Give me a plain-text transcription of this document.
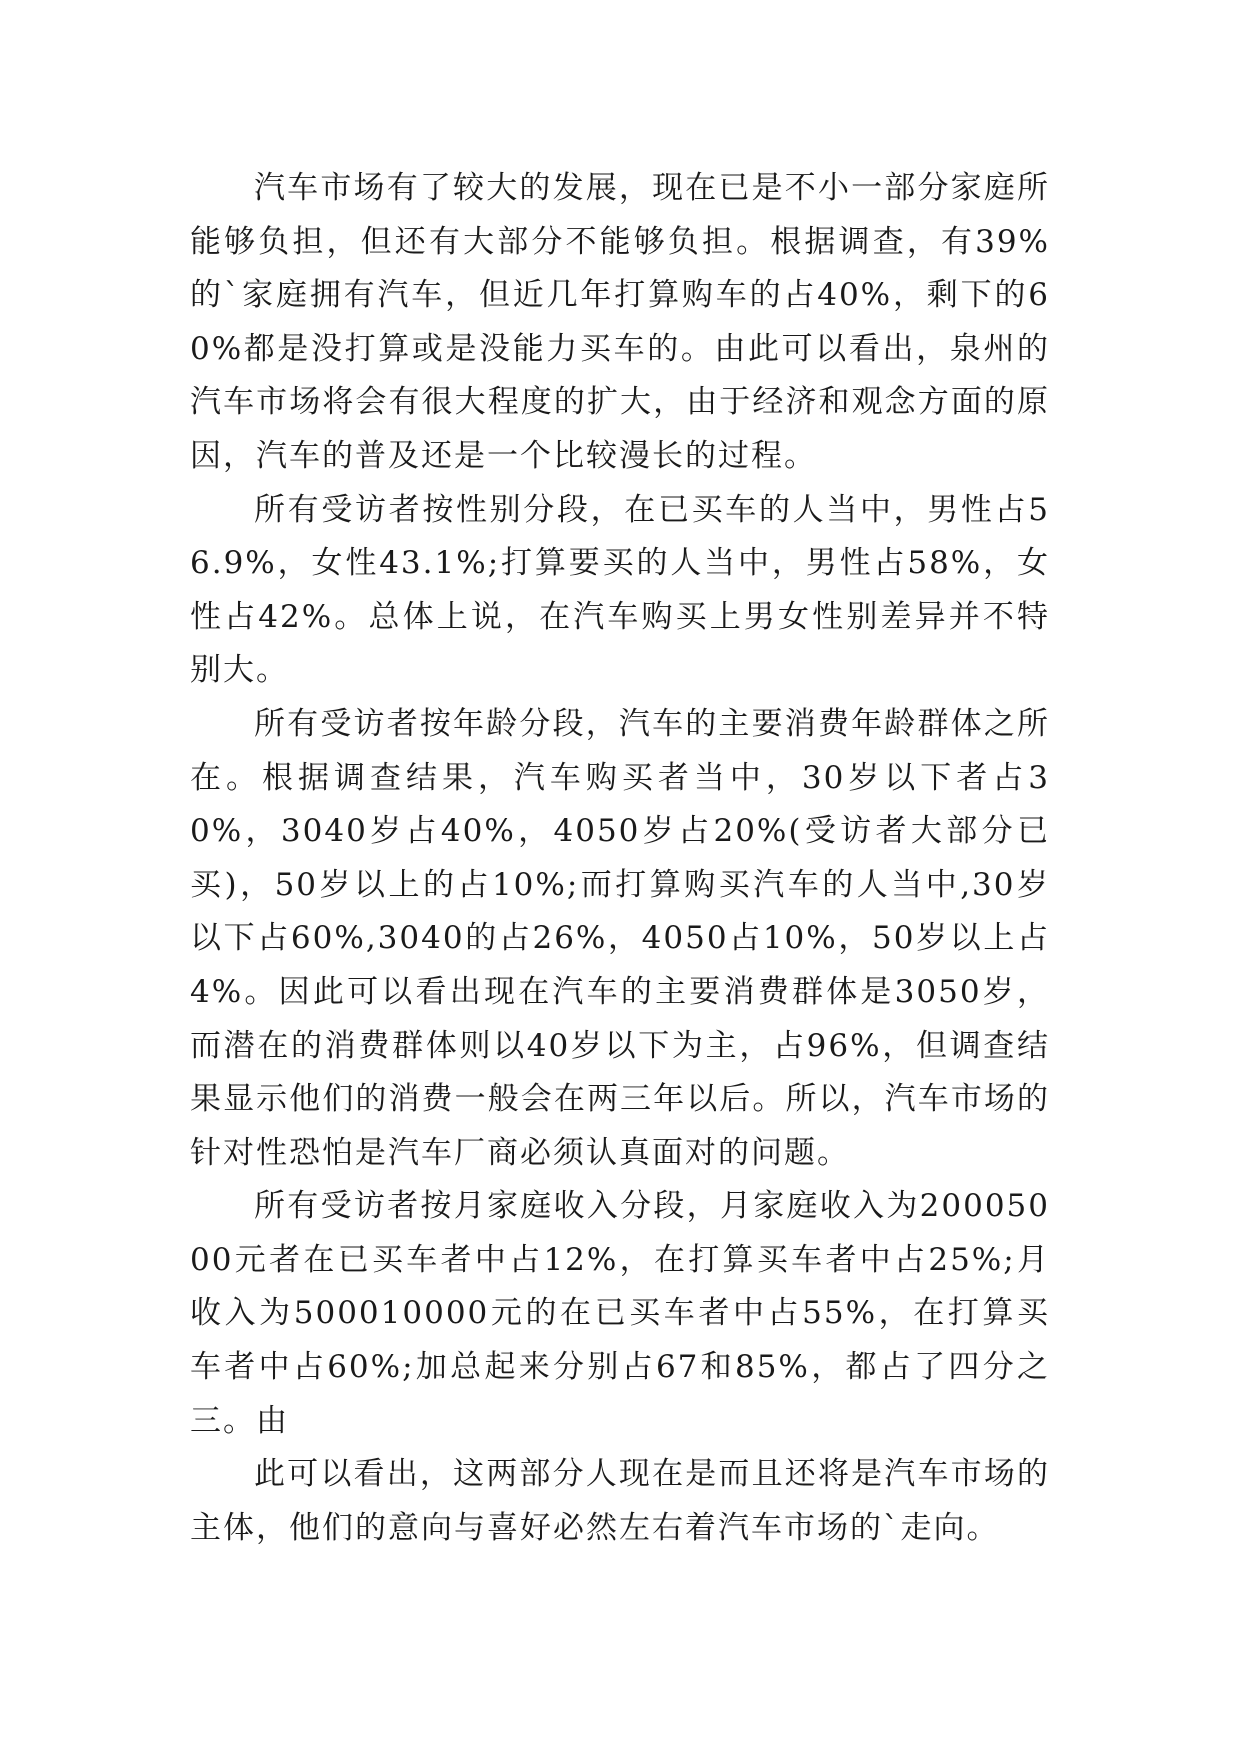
汽车市场有了较大的发展，现在已是不小一部分家庭所能够负担，但还有大部分不能够负担。根据调查，有39%的`家庭拥有汽车，但近几年打算购车的占40%，剩下的60%都是没打算或是没能力买车的。由此可以看出，泉州的汽车市场将会有很大程度的扩大，由于经济和观念方面的原因，汽车的普及还是一个比较漫长的过程。

所有受访者按性别分段，在已买车的人当中，男性占56.9%，女性43.1%;打算要买的人当中，男性占58%，女性占42%。总体上说，在汽车购买上男女性别差异并不特别大。

所有受访者按年龄分段，汽车的主要消费年龄群体之所在。根据调查结果，汽车购买者当中，30岁以下者占30%，3040岁占40%，4050岁占20%(受访者大部分已买)，50岁以上的占10%;而打算购买汽车的人当中,30岁以下占60%,3040的占26%，4050占10%，50岁以上占4%。因此可以看出现在汽车的主要消费群体是3050岁，而潜在的消费群体则以40岁以下为主，占96%，但调查结果显示他们的消费一般会在两三年以后。所以，汽车市场的针对性恐怕是汽车厂商必须认真面对的问题。

所有受访者按月家庭收入分段，月家庭收入为20005000元者在已买车者中占12%，在打算买车者中占25%;月收入为500010000元的在已买车者中占55%，在打算买车者中占60%;加总起来分别占67和85%，都占了四分之三。由

此可以看出，这两部分人现在是而且还将是汽车市场的主体，他们的意向与喜好必然左右着汽车市场的`走向。
